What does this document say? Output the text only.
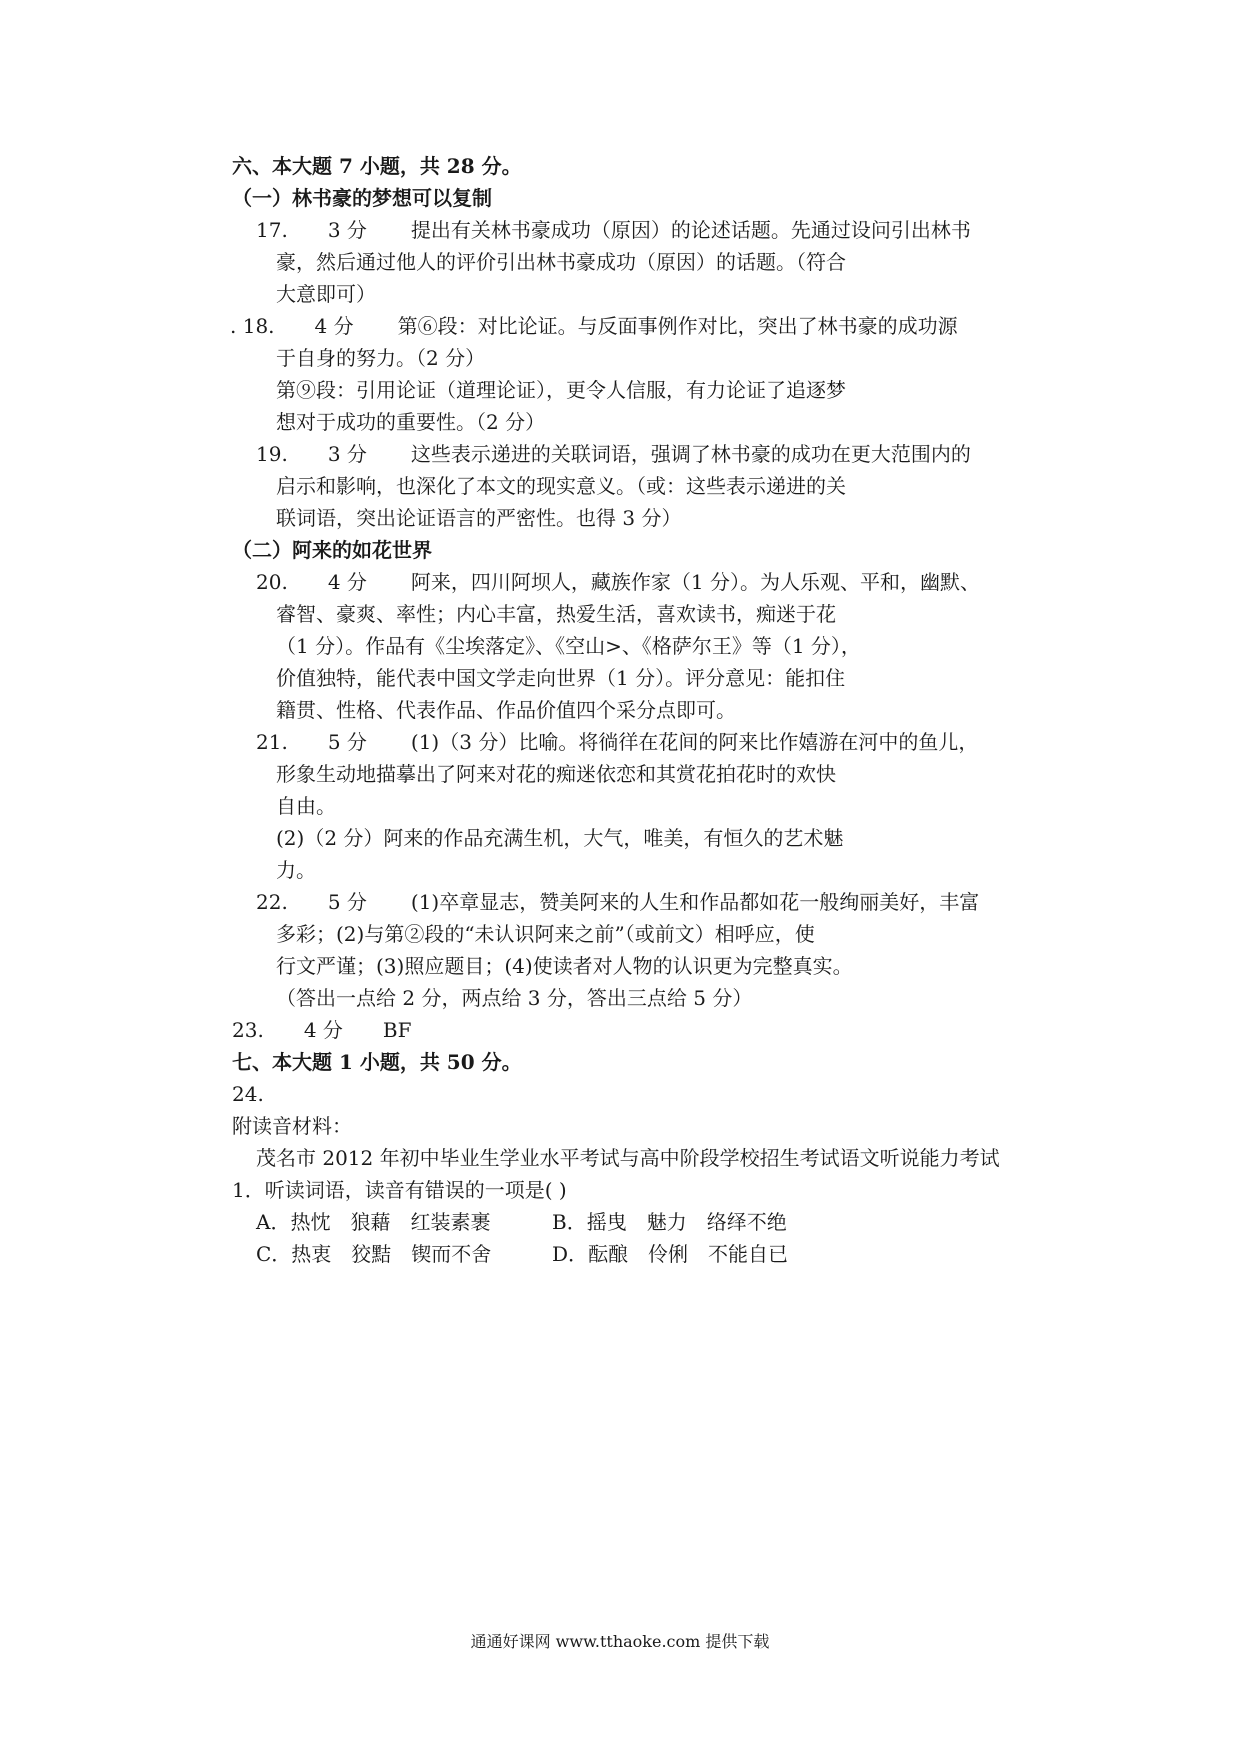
六、本大题 7 小题，共 28 分。
（一）林书豪的梦想可以复制
17. 3 分 提出有关林书豪成功（原因）的论述话题。先通过设问引出林书
豪，然后通过他人的评价引出林书豪成功（原因）的话题。（符合
大意即可）
. 18. 4 分 第⑥段：对比论证。与反面事例作对比，突出了林书豪的成功源
于自身的努力。（2 分）
第⑨段：引用论证（道理论证），更令人信服，有力论证了追逐梦
想对于成功的重要性。（2 分）
19. 3 分 这些表示递进的关联词语，强调了林书豪的成功在更大范围内的
启示和影响，也深化了本文的现实意义。（或：这些表示递进的关
联词语，突出论证语言的严密性。也得 3 分）
（二）阿来的如花世界
20. 4 分 阿来，四川阿坝人，藏族作家（1 分）。为人乐观、平和，幽默、
睿智、豪爽、率性；内心丰富，热爱生活，喜欢读书，痴迷于花
（1 分）。作品有《尘埃落定》、《空山>、《格萨尔王》等（1 分），
价值独特，能代表中国文学走向世界（1 分）。评分意见：能扣住
籍贯、性格、代表作品、作品价值四个采分点即可。
21. 5 分 (1)（3 分）比喻。将徜徉在花间的阿来比作嬉游在河中的鱼儿，
形象生动地描摹出了阿来对花的痴迷依恋和其赏花拍花时的欢快
自由。
(2)（2 分）阿来的作品充满生机，大气，唯美，有恒久的艺术魅
力。
22. 5 分 (1)卒章显志，赞美阿来的人生和作品都如花一般绚丽美好，丰富
多彩；(2)与第②段的“未认识阿来之前”（或前文）相呼应，使
行文严谨；(3)照应题目；(4)使读者对人物的认识更为完整真实。
（答出一点给 2 分，两点给 3 分，答出三点给 5 分）
23. 4 分 BF
七、本大题 1 小题，共 50 分。
24.
附读音材料：
茂名市 2012 年初中毕业生学业水平考试与高中阶段学校招生考试语文听说能力考试
1．听读词语，读音有错误的一项是( )
A．热忱　狼藉　红装素裹	B．摇曳　魅力　络绎不绝
C．热衷　狡黠　锲而不舍	D．酝酿　伶俐　不能自已
通通好课网 www.tthaoke.com 提供下载
